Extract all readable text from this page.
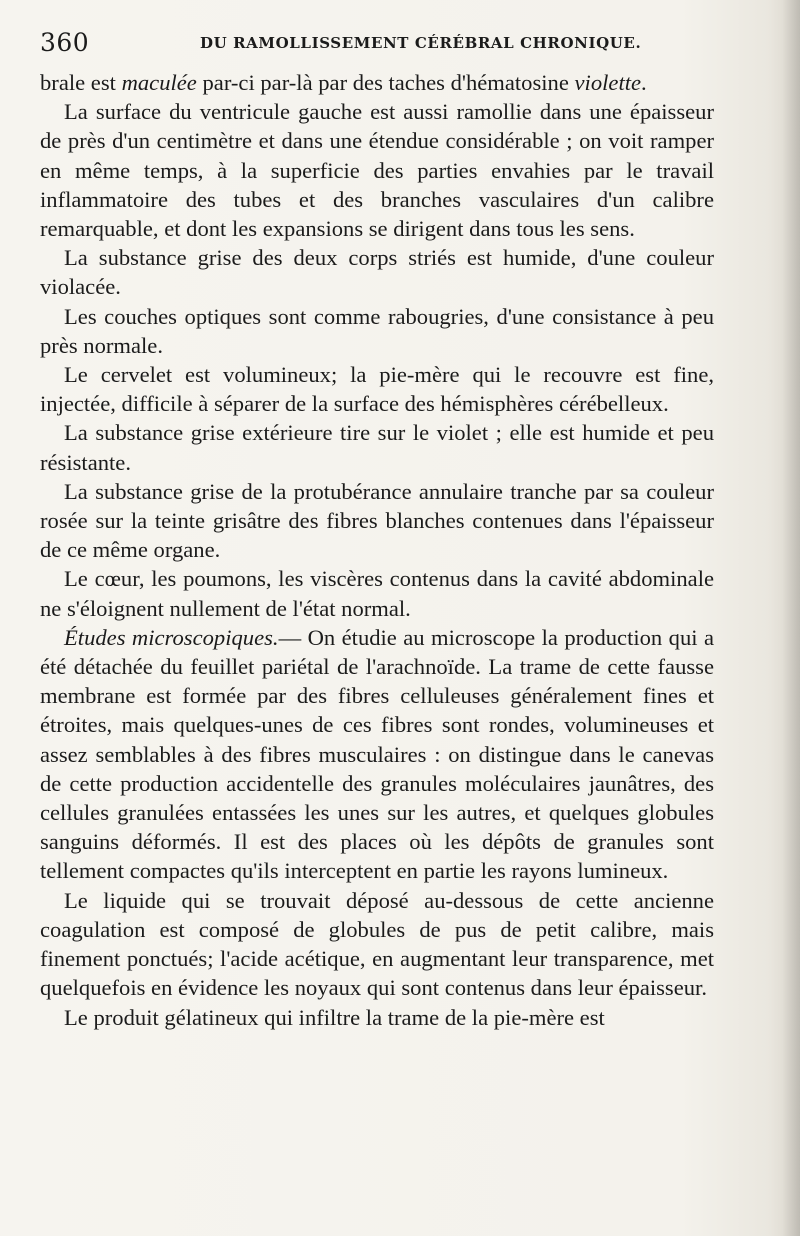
360	DU RAMOLLISSEMENT CÉRÉBRAL CHRONIQUE.

brale est maculée par-ci par-là par des taches d'hématosine violette.

La surface du ventricule gauche est aussi ramollie dans une épaisseur de près d'un centimètre et dans une étendue considérable ; on voit ramper en même temps, à la superficie des parties envahies par le travail inflammatoire des tubes et des branches vasculaires d'un calibre remarquable, et dont les expansions se dirigent dans tous les sens.

La substance grise des deux corps striés est humide, d'une couleur violacée.

Les couches optiques sont comme rabougries, d'une consistance à peu près normale.

Le cervelet est volumineux; la pie-mère qui le recouvre est fine, injectée, difficile à séparer de la surface des hémisphères cérébelleux.

La substance grise extérieure tire sur le violet ; elle est humide et peu résistante.

La substance grise de la protubérance annulaire tranche par sa couleur rosée sur la teinte grisâtre des fibres blanches contenues dans l'épaisseur de ce même organe.

Le cœur, les poumons, les viscères contenus dans la cavité abdominale ne s'éloignent nullement de l'état normal.

Études microscopiques.— On étudie au microscope la production qui a été détachée du feuillet pariétal de l'arachnoïde. La trame de cette fausse membrane est formée par des fibres celluleuses généralement fines et étroites, mais quelques-unes de ces fibres sont rondes, volumineuses et assez semblables à des fibres musculaires : on distingue dans le canevas de cette production accidentelle des granules moléculaires jaunâtres, des cellules granulées entassées les unes sur les autres, et quelques globules sanguins déformés. Il est des places où les dépôts de granules sont tellement compactes qu'ils interceptent en partie les rayons lumineux.

Le liquide qui se trouvait déposé au-dessous de cette ancienne coagulation est composé de globules de pus de petit calibre, mais finement ponctués; l'acide acétique, en augmentant leur transparence, met quelquefois en évidence les noyaux qui sont contenus dans leur épaisseur.

Le produit gélatineux qui infiltre la trame de la pie-mère est
